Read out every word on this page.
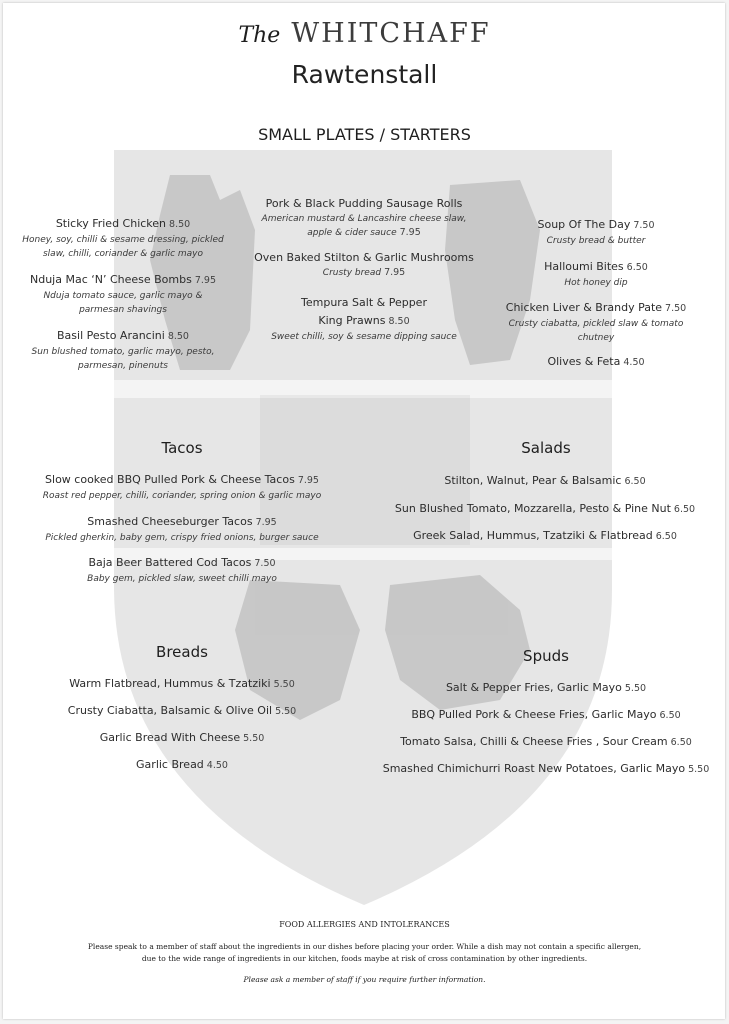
The WHITCHAFF
Rawtenstall
SMALL PLATES / STARTERS
Sticky Fried Chicken 8.50
Honey, soy, chilli & sesame dressing, pickled
slaw, chilli, coriander & garlic mayo
Nduja Mac ‘N’ Cheese Bombs 7.95
Nduja tomato sauce, garlic mayo &
parmesan shavings
Basil Pesto Arancini 8.50
Sun blushed tomato, garlic mayo, pesto,
parmesan, pinenuts
Pork & Black Pudding Sausage Rolls
American mustard & Lancashire cheese slaw,
apple & cider sauce 7.95
Oven Baked Stilton & Garlic Mushrooms
Crusty bread 7.95
Tempura Salt & Pepper
King Prawns 8.50
Sweet chilli, soy & sesame dipping sauce
Soup Of The Day 7.50
Crusty bread & butter
Halloumi Bites 6.50
Hot honey dip
Chicken Liver & Brandy Pate 7.50
Crusty ciabatta, pickled slaw & tomato
chutney
Olives & Feta 4.50
Tacos
Slow cooked BBQ Pulled Pork & Cheese Tacos 7.95
Roast red pepper, chilli, coriander, spring onion & garlic mayo
Smashed Cheeseburger Tacos 7.95
Pickled gherkin, baby gem, crispy fried onions, burger sauce
Baja Beer Battered Cod Tacos 7.50
Baby gem, pickled slaw, sweet chilli mayo
Salads
Stilton, Walnut, Pear & Balsamic 6.50
Sun Blushed Tomato, Mozzarella, Pesto & Pine Nut 6.50
Greek Salad, Hummus, Tzatziki & Flatbread 6.50
Breads
Warm Flatbread, Hummus & Tzatziki 5.50
Crusty Ciabatta, Balsamic & Olive Oil 5.50
Garlic Bread With Cheese 5.50
Garlic Bread 4.50
Spuds
Salt & Pepper Fries, Garlic Mayo 5.50
BBQ Pulled Pork & Cheese Fries, Garlic Mayo 6.50
Tomato Salsa, Chilli & Cheese Fries , Sour Cream 6.50
Smashed Chimichurri Roast New Potatoes, Garlic Mayo 5.50
FOOD ALLERGIES AND INTOLERANCES
Please speak to a member of staff about the ingredients in our dishes before placing your order. While a dish may not contain a specific allergen,
due to the wide range of ingredients in our kitchen, foods maybe at risk of cross contamination by other ingredients.
Please ask a member of staff if you require further information.
